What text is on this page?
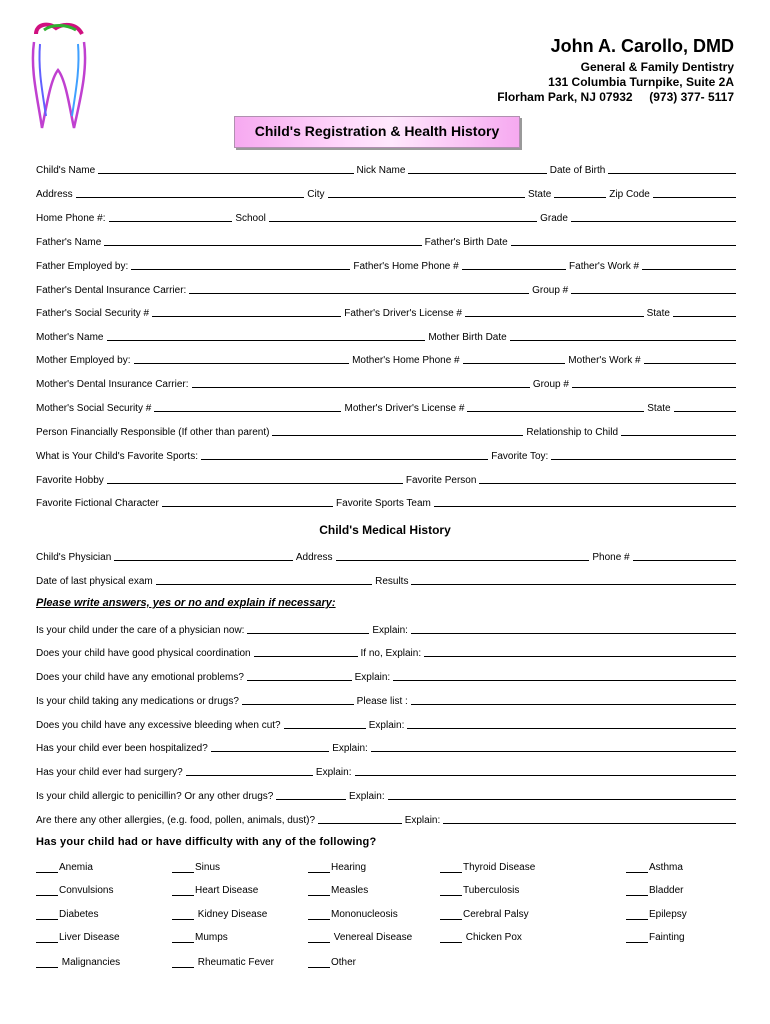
John A. Carollo, DMD
General & Family Dentistry
131 Columbia Turnpike, Suite 2A
Florham Park, NJ 07932     (973) 377- 5117
Child's Registration & Health History
Child's Name	Nick Name	Date of Birth
Address	City	State	Zip Code
Home Phone #:	School	Grade
Father's Name	Father's Birth Date
Father Employed by:	Father's Home Phone #	Father's Work #
Father's Dental Insurance Carrier:	Group #
Father's Social Security #	Father's Driver's License #	State
Mother's Name	Mother Birth Date
Mother Employed by:	Mother's Home Phone #	Mother's Work #
Mother's Dental Insurance Carrier:	Group #
Mother's Social Security #	Mother's Driver's License #	State
Person Financially Responsible (If other than parent)	Relationship to Child
What is Your Child's Favorite Sports:	Favorite Toy:
Favorite Hobby	Favorite Person
Favorite Fictional Character	Favorite Sports Team
Child's Medical History
Child's Physician	Address	Phone #
Date of last physical exam	Results
Please write answers, yes or no and explain if necessary:
Is your child under the care of a physician now:	Explain:
Does your child have good physical coordination	If no, Explain:
Does your child have any emotional problems?	Explain:
Is your child taking any medications or drugs?	Please list :
Does you child have any excessive bleeding when cut?	Explain:
Has your child ever been hospitalized?	Explain:
Has your child ever had surgery?	Explain:
Is your child allergic to penicillin? Or any other drugs?	Explain:
Are there any other allergies, (e.g. food, pollen, animals, dust)?	Explain:
Has your child had or have difficulty with any of the following?
Anemia	Sinus	Hearing	Thyroid Disease	Asthma
Convulsions	Heart Disease	Measles	Tuberculosis	Bladder
Diabetes	Kidney Disease	Mononucleosis	Cerebral Palsy	Epilepsy
Liver Disease	Mumps	Venereal Disease	Chicken Pox	Fainting
Malignancies	Rheumatic Fever	Other
